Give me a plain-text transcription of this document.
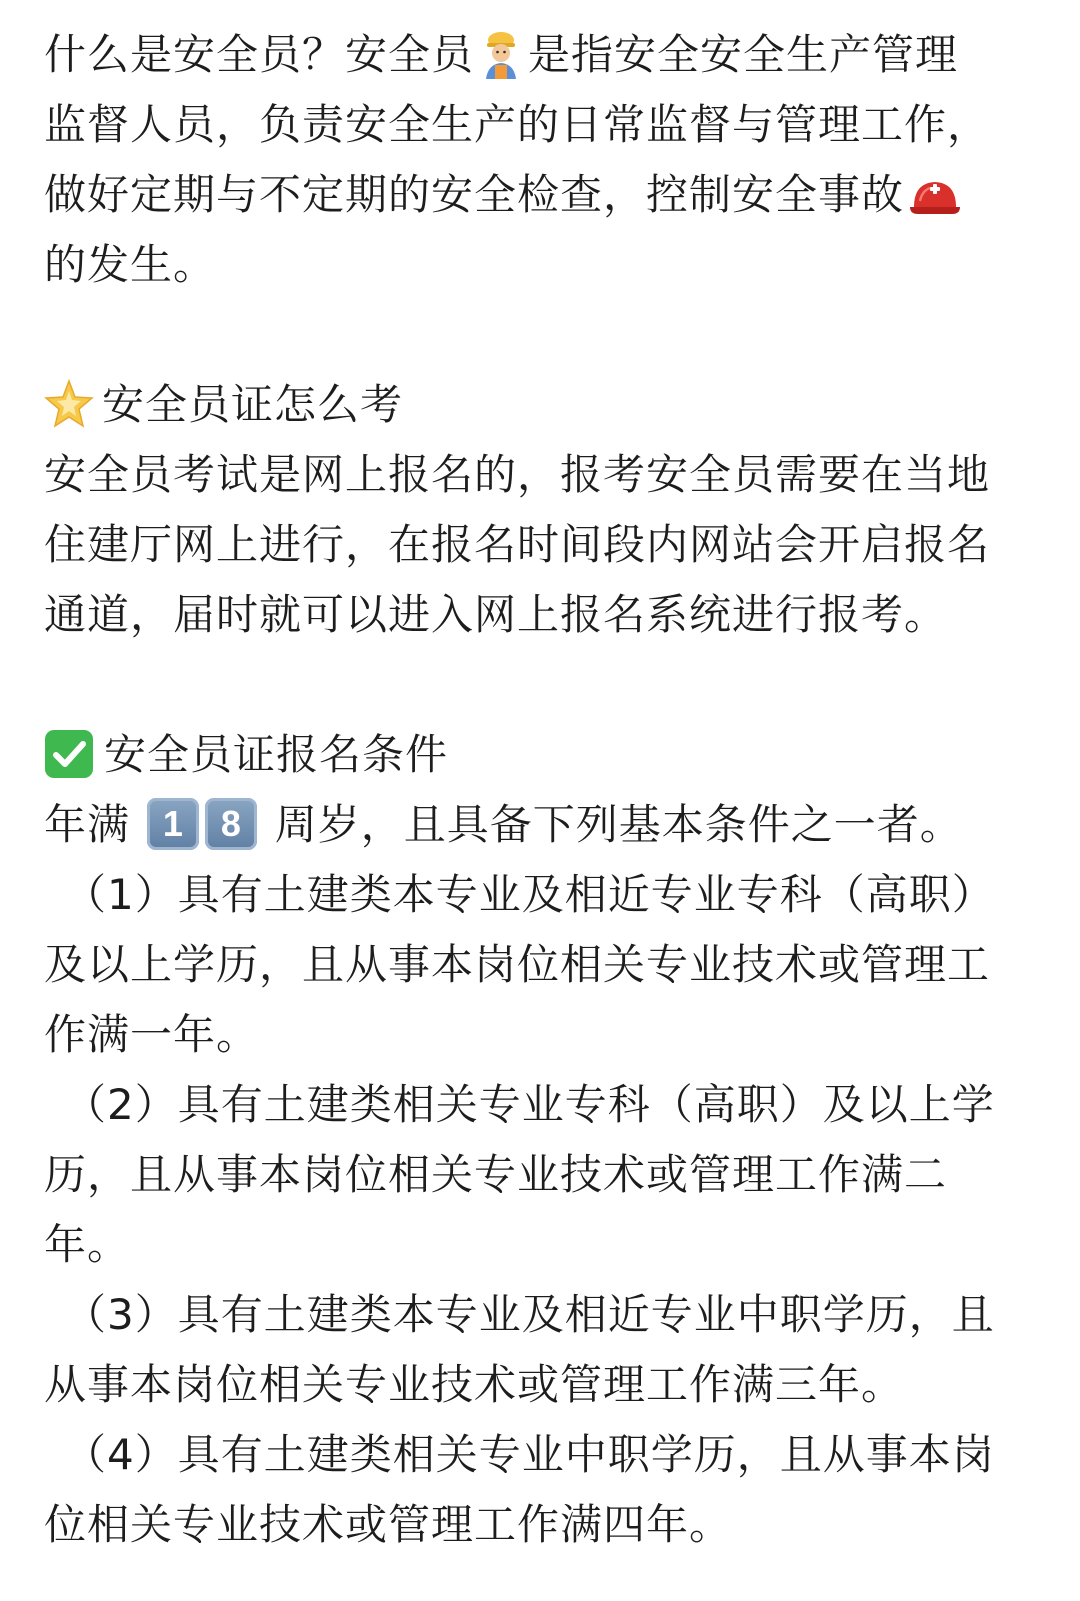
什么是安全员？安全员 是指安全安全生产管理
监督人员，负责安全生产的日常监督与管理工作，
做好定期与不定期的安全检查，控制安全事故
的发生。
安全员证怎么考
安全员考试是网上报名的，报考安全员需要在当地
住建厅网上进行，在报名时间段内网站会开启报名
通道，届时就可以进入网上报名系统进行报考。
安全员证报名条件
年满 1 8 周岁，且具备下列基本条件之一者。
（1）具有土建类本专业及相近专业专科（高职）
及以上学历，且从事本岗位相关专业技术或管理工
作满一年。
（2）具有土建类相关专业专科（高职）及以上学
历，且从事本岗位相关专业技术或管理工作满二
年。
（3）具有土建类本专业及相近专业中职学历，且
从事本岗位相关专业技术或管理工作满三年。
（4）具有土建类相关专业中职学历，且从事本岗
位相关专业技术或管理工作满四年。
